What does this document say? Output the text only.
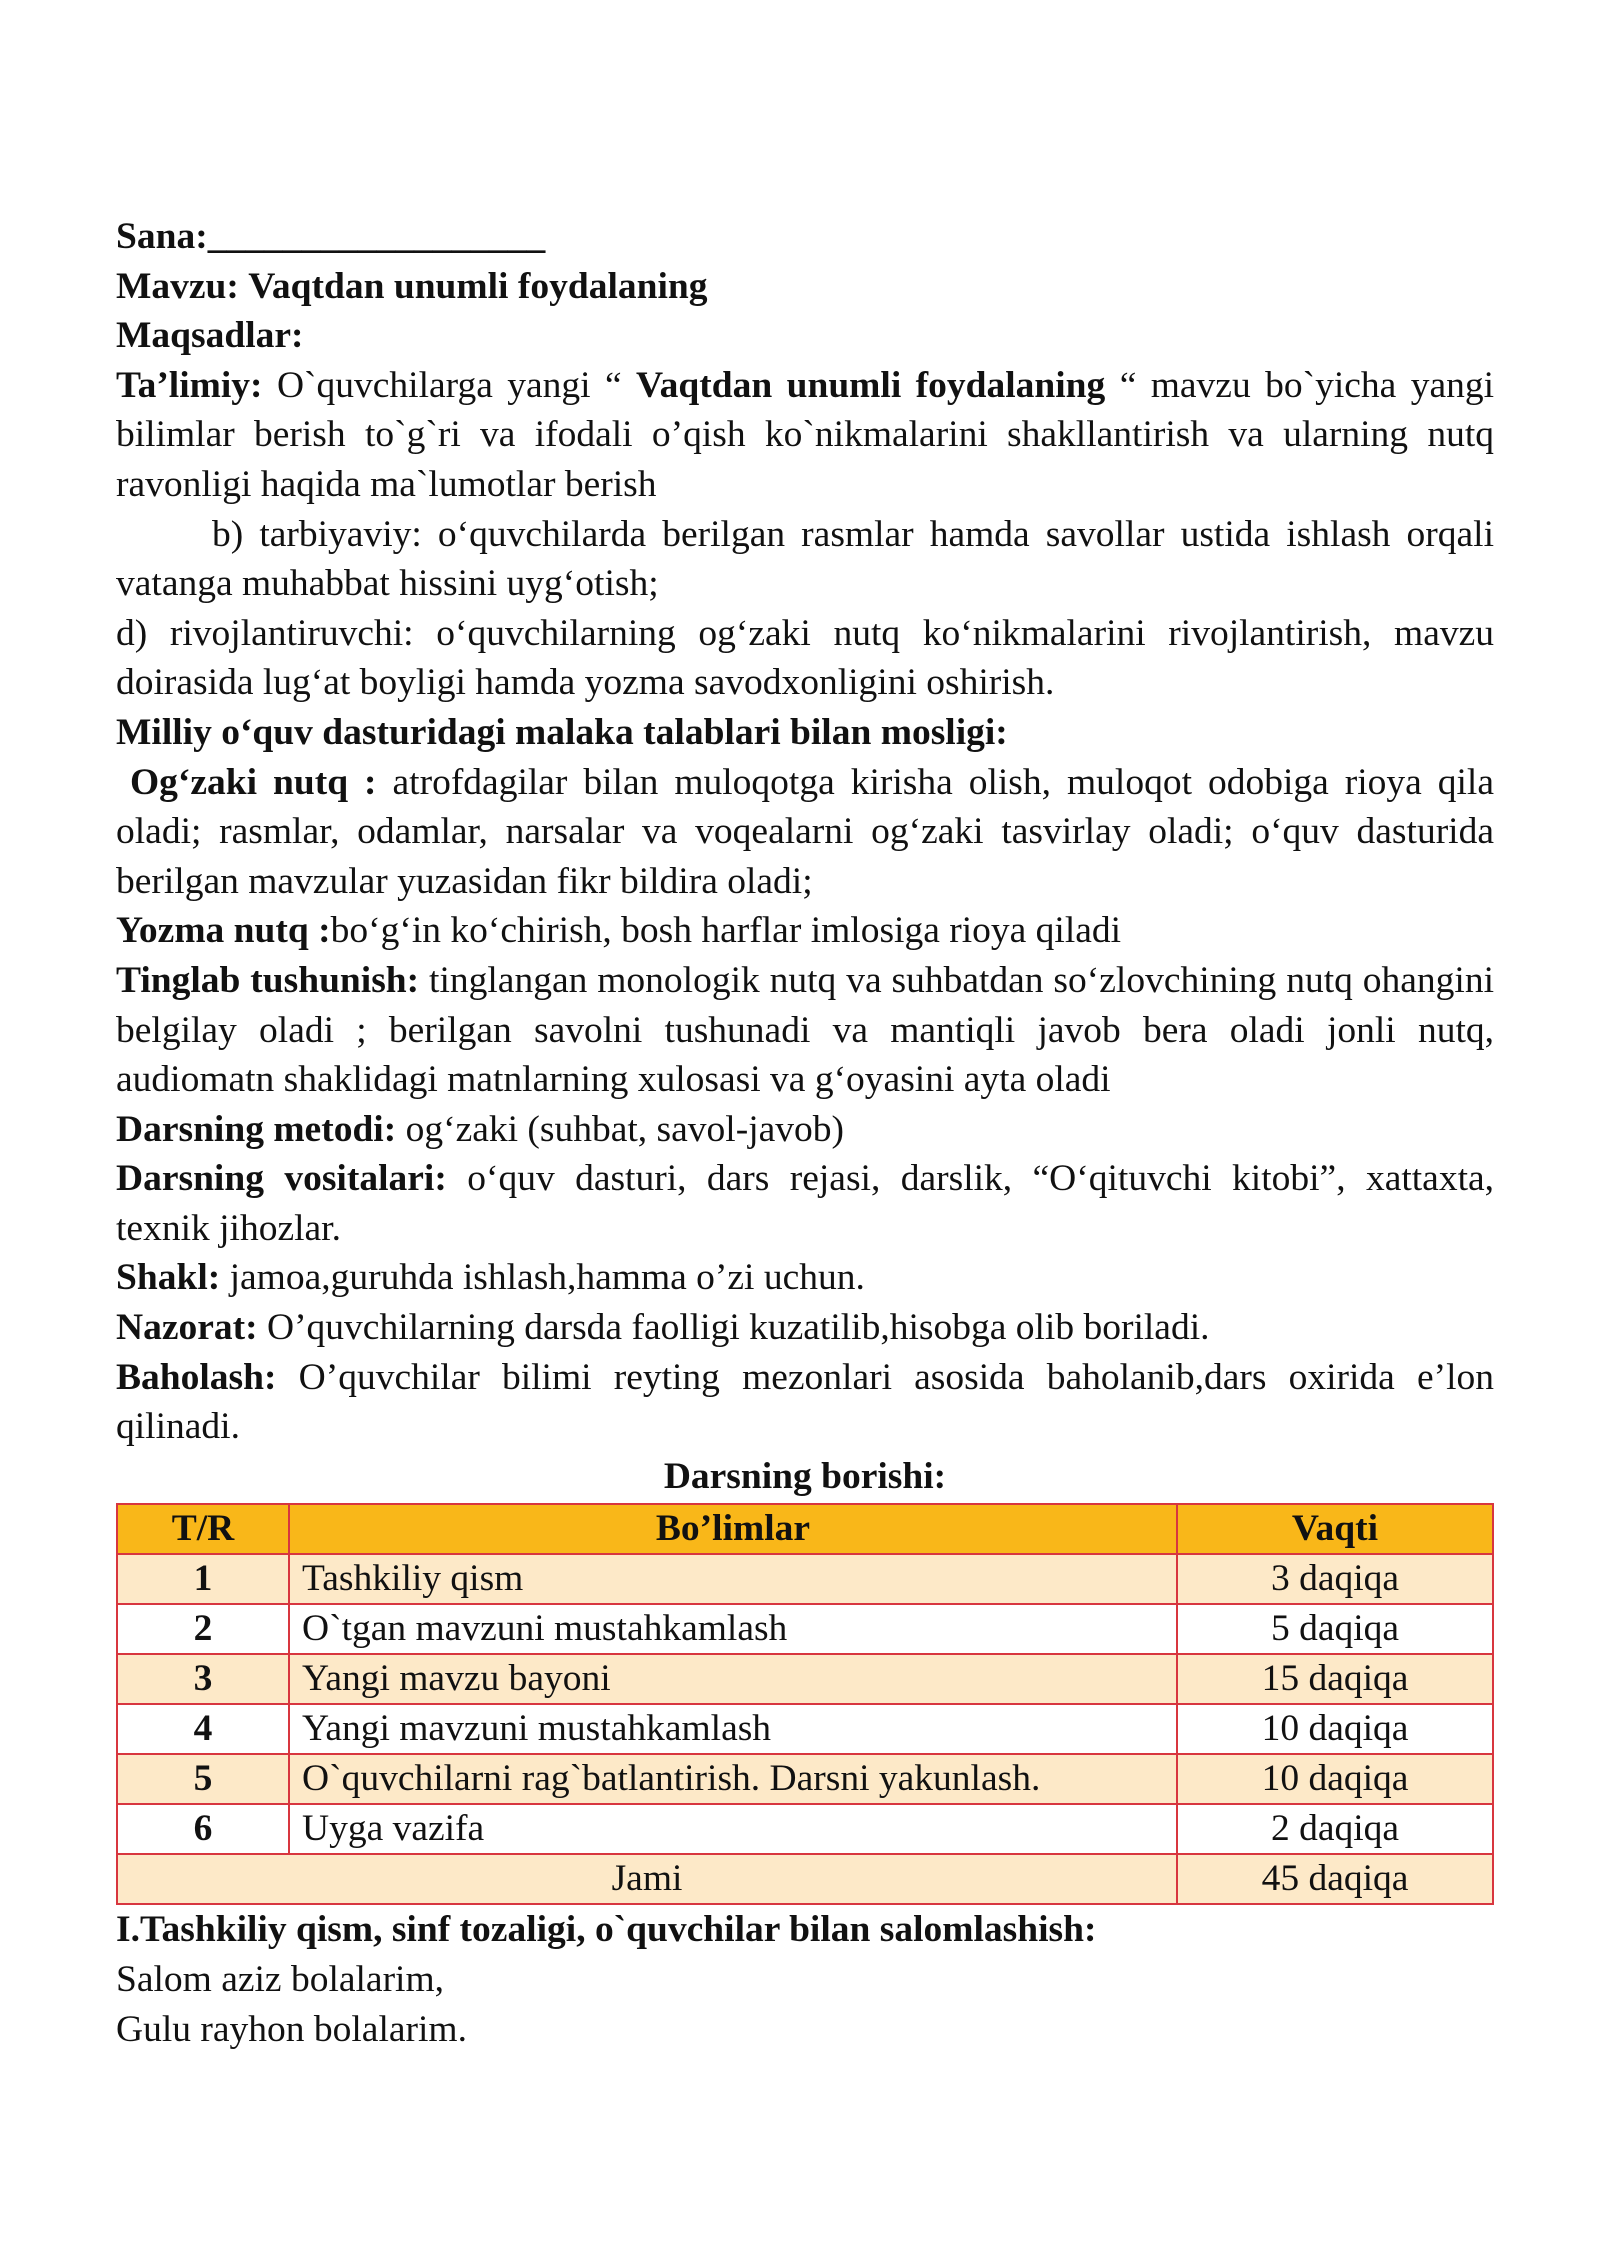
Sana:__________________

Mavzu: Vaqtdan unumli foydalaning

Maqsadlar:

Ta’limiy: O`quvchilarga yangi “ Vaqtdan unumli foydalaning “ mavzu bo`yicha yangi bilimlar berish to`g`ri va ifodali o’qish ko`nikmalarini shakllantirish va ularning nutq ravonligi haqida ma`lumotlar berish

b) tarbiyaviy: o‘quvchilarda berilgan rasmlar hamda savollar ustida ishlash orqali vatanga muhabbat hissini uyg‘otish;

d) rivojlantiruvchi: o‘quvchilarning og‘zaki nutq ko‘nikmalarini rivojlantirish, mavzu doirasida lug‘at boyligi hamda yozma savodxonligini oshirish.

Milliy o‘quv dasturidagi malaka talablari bilan mosligi:

Og‘zaki nutq : atrofdagilar bilan muloqotga kirisha olish, muloqot odobiga rioya qila oladi; rasmlar, odamlar, narsalar va voqealarni og‘zaki tasvirlay oladi; o‘quv dasturida berilgan mavzular yuzasidan fikr bildira oladi;

Yozma nutq :bo‘g‘in ko‘chirish, bosh harflar imlosiga rioya qiladi

Tinglab tushunish: tinglangan monologik nutq va suhbatdan so‘zlovchining nutq ohangini belgilay oladi ; berilgan savolni tushunadi va mantiqli javob bera oladi jonli nutq, audiomatn shaklidagi matnlarning xulosasi va g‘oyasini ayta oladi

Darsning metodi: og‘zaki (suhbat, savol-javob)

Darsning vositalari: o‘quv dasturi, dars rejasi, darslik, “O‘qituvchi kitobi”, xattaxta, texnik jihozlar.

Shakl: jamoa,guruhda ishlash,hamma o’zi uchun.

Nazorat: O’quvchilarning darsda faolligi kuzatilib,hisobga olib boriladi.

Baholash: O’quvchilar bilimi reyting mezonlari asosida baholanib,dars oxirida e’lon qilinadi.

Darsning borishi:

T/R	Bo’limlar	Vaqti
1	Tashkiliy qism	3 daqiqa
2	O`tgan mavzuni mustahkamlash	5 daqiqa
3	Yangi mavzu bayoni	15 daqiqa
4	Yangi mavzuni mustahkamlash	10 daqiqa
5	O`quvchilarni rag`batlantirish. Darsni yakunlash.	10 daqiqa
6	Uyga vazifa	2 daqiqa
Jami		45 daqiqa

I.Tashkiliy qism, sinf tozaligi, o`quvchilar bilan salomlashish:

Salom aziz bolalarim,

Gulu rayhon bolalarim.
